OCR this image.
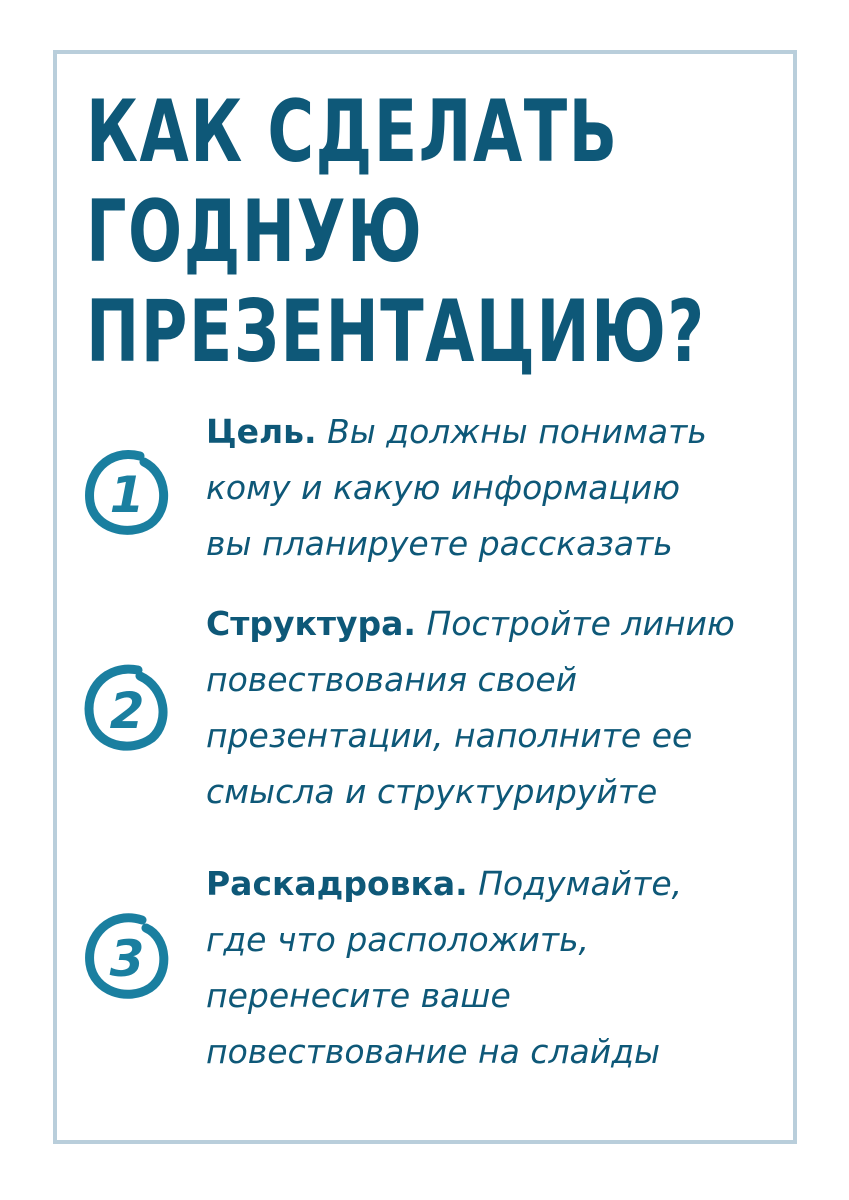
КАК СДЕЛАТЬ
ГОДНУЮ
ПРЕЗЕНТАЦИЮ?
1
Цель. Вы должны понимать
кому и какую информацию
вы планируете рассказать
2
Структура. Постройте линию
повествования своей
презентации, наполните ее
смысла и структурируйте
3
Раскадровка. Подумайте,
где что расположить,
перенесите ваше
повествование на слайды
